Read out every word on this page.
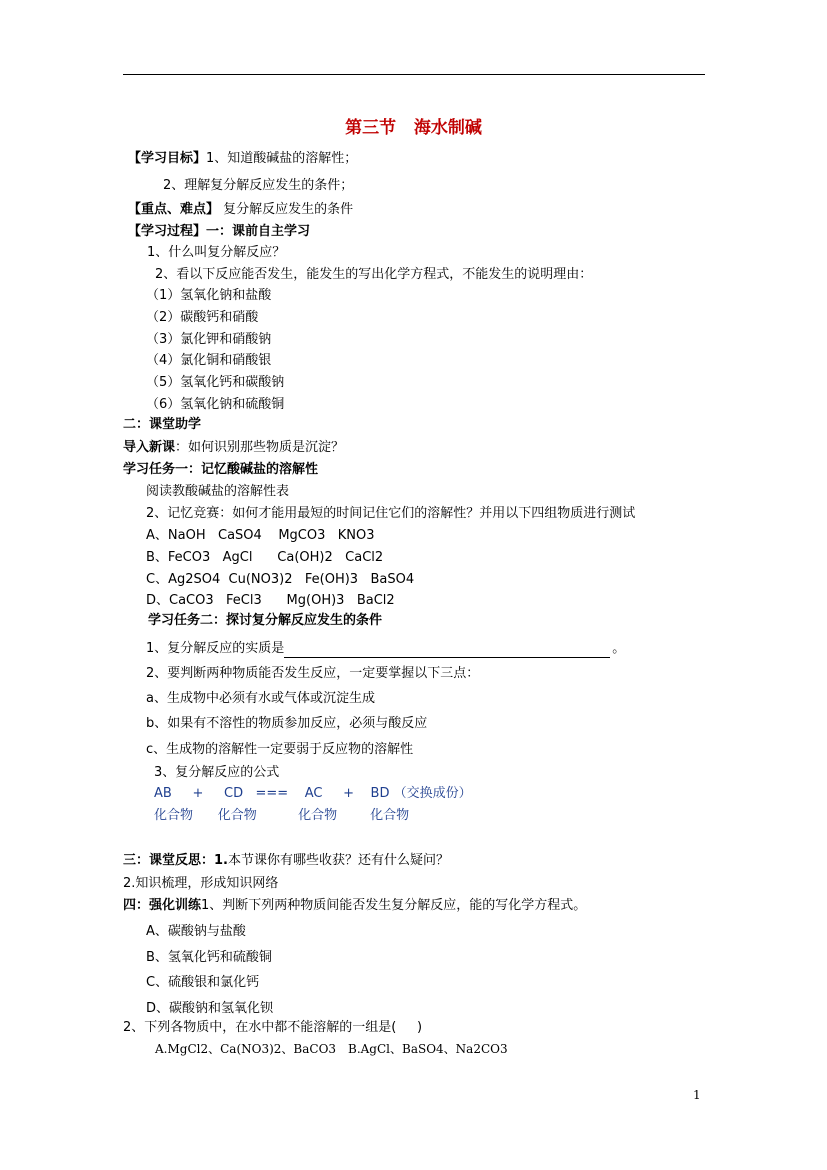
第三节   海水制碱
【学习目标】1、知道酸碱盐的溶解性；
2、理解复分解反应发生的条件；
【重点、难点】 复分解反应发生的条件
【学习过程】一：课前自主学习
1、什么叫复分解反应？
2、看以下反应能否发生，能发生的写出化学方程式，不能发生的说明理由：
（1）氢氧化钠和盐酸
（2）碳酸钙和硝酸
（3）氯化钾和硝酸钠
（4）氯化铜和硝酸银
（5）氢氧化钙和碳酸钠
（6）氢氧化钠和硫酸铜
二：课堂助学
导入新课：如何识别那些物质是沉淀？
学习任务一：记忆酸碱盐的溶解性
阅读教酸碱盐的溶解性表
2、记忆竞赛：如何才能用最短的时间记住它们的溶解性？并用以下四组物质进行测试
A、NaOH   CaSO4    MgCO3   KNO3
B、FeCO3   AgCl      Ca(OH)2   CaCl2
C、Ag2SO4  Cu(NO3)2   Fe(OH)3   BaSO4
D、CaCO3   FeCl3      Mg(OH)3   BaCl2
学习任务二：探讨复分解反应发生的条件
1、复分解反应的实质是	。
2、要判断两种物质能否发生反应，一定要掌握以下三点：
a、生成物中必须有水或气体或沉淀生成
b、如果有不溶性的物质参加反应，必须与酸反应
c、生成物的溶解性一定要弱于反应物的溶解性
3、复分解反应的公式
AB     +     CD   ===    AC     +    BD （交换成份）
化合物      化合物          化合物        化合物
三：课堂反思：1.本节课你有哪些收获？还有什么疑问？
2.知识梳理，形成知识网络
四：强化训练1、判断下列两种物质间能否发生复分解反应，能的写化学方程式。
A、碳酸钠与盐酸
B、氢氧化钙和硫酸铜
C、硫酸银和氯化钙
D、碳酸钠和氢氧化钡
2、下列各物质中，在水中都不能溶解的一组是(     )
A.MgCl2、Ca(NO3)2、BaCO3 B.AgCl、BaSO4、Na2CO3
1
